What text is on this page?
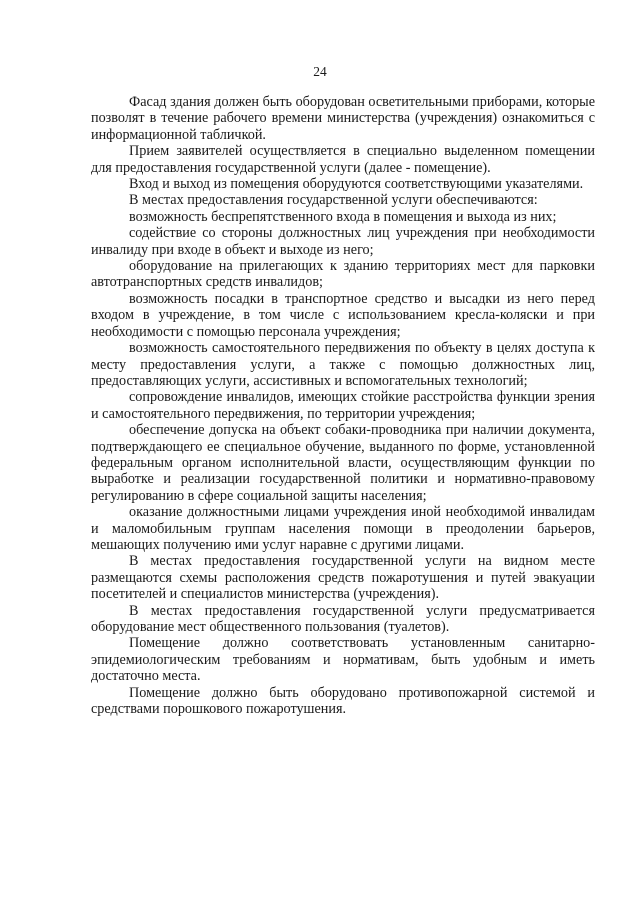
24

Фасад здания должен быть оборудован осветительными приборами, которые позволят в течение рабочего времени министерства (учреждения) ознакомиться с информационной табличкой.

Прием заявителей осуществляется в специально выделенном помещении для предоставления государственной услуги (далее - помещение).

Вход и выход из помещения оборудуются соответствующими указателями.

В местах предоставления государственной услуги обеспечиваются:

возможность беспрепятственного входа в помещения и выхода из них;

содействие со стороны должностных лиц учреждения при необходимости инвалиду при входе в объект и выходе из него;

оборудование на прилегающих к зданию территориях мест для парковки автотранспортных средств инвалидов;

возможность посадки в транспортное средство и высадки из него перед входом в учреждение, в том числе с использованием кресла-коляски и при необходимости с помощью персонала учреждения;

возможность самостоятельного передвижения по объекту в целях доступа к месту предоставления услуги, а также с помощью должностных лиц, предоставляющих услуги, ассистивных и вспомогательных технологий;

сопровождение инвалидов, имеющих стойкие расстройства функции зрения и самостоятельного передвижения, по территории учреждения;

обеспечение допуска на объект собаки-проводника при наличии документа, подтверждающего ее специальное обучение, выданного по форме, установленной федеральным органом исполнительной власти, осуществляющим функции по выработке и реализации государственной политики и нормативно-правовому регулированию в сфере социальной защиты населения;

оказание должностными лицами учреждения иной необходимой инвалидам и маломобильным группам населения помощи в преодолении барьеров, мешающих получению ими услуг наравне с другими лицами.

В местах предоставления государственной услуги на видном месте размещаются схемы расположения средств пожаротушения и путей эвакуации посетителей и специалистов министерства (учреждения).

В местах предоставления государственной услуги предусматривается оборудование мест общественного пользования (туалетов).

Помещение должно соответствовать установленным санитарно-эпидемиологическим требованиям и нормативам, быть удобным и иметь достаточно места.

Помещение должно быть оборудовано противопожарной системой и средствами порошкового пожаротушения.
